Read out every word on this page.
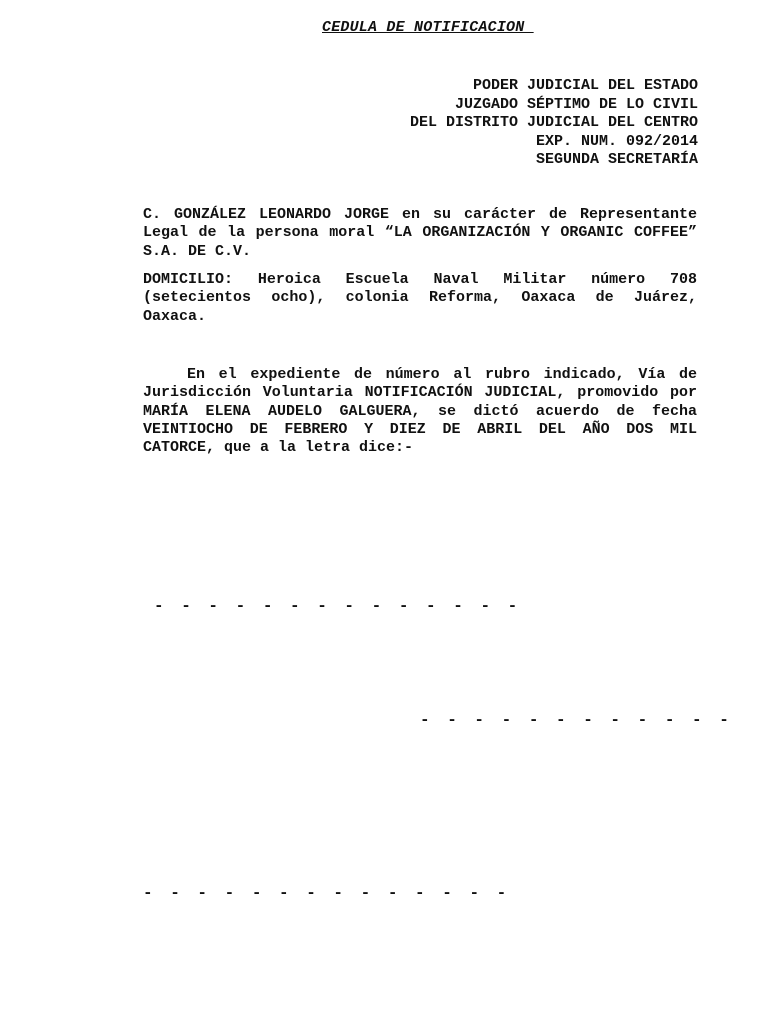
CEDULA DE NOTIFICACION
PODER JUDICIAL DEL ESTADO
JUZGADO SÉPTIMO DE LO CIVIL
DEL DISTRITO JUDICIAL DEL CENTRO
EXP. NUM. 092/2014
SEGUNDA SECRETARÍA
C. GONZÁLEZ LEONARDO JORGE en su carácter de Representante Legal de la persona moral “LA ORGANIZACIÓN Y ORGANIC COFFEE” S.A. DE C.V.
DOMICILIO: Heroica Escuela Naval Militar número 708 (setecientos ocho), colonia Reforma, Oaxaca de Juárez, Oaxaca.
En el expediente de número al rubro indicado, Vía de Jurisdicción Voluntaria NOTIFICACIÓN JUDICIAL, promovido por MARÍA ELENA AUDELO GALGUERA, se dictó acuerdo de fecha VEINTIOCHO DE FEBRERO Y DIEZ DE ABRIL DEL AÑO DOS MIL CATORCE, que a la letra dice:-
- - - - - - - - - - - - - -
- - - - - - - - - - - -
- - - - - - - - - - - - - -
